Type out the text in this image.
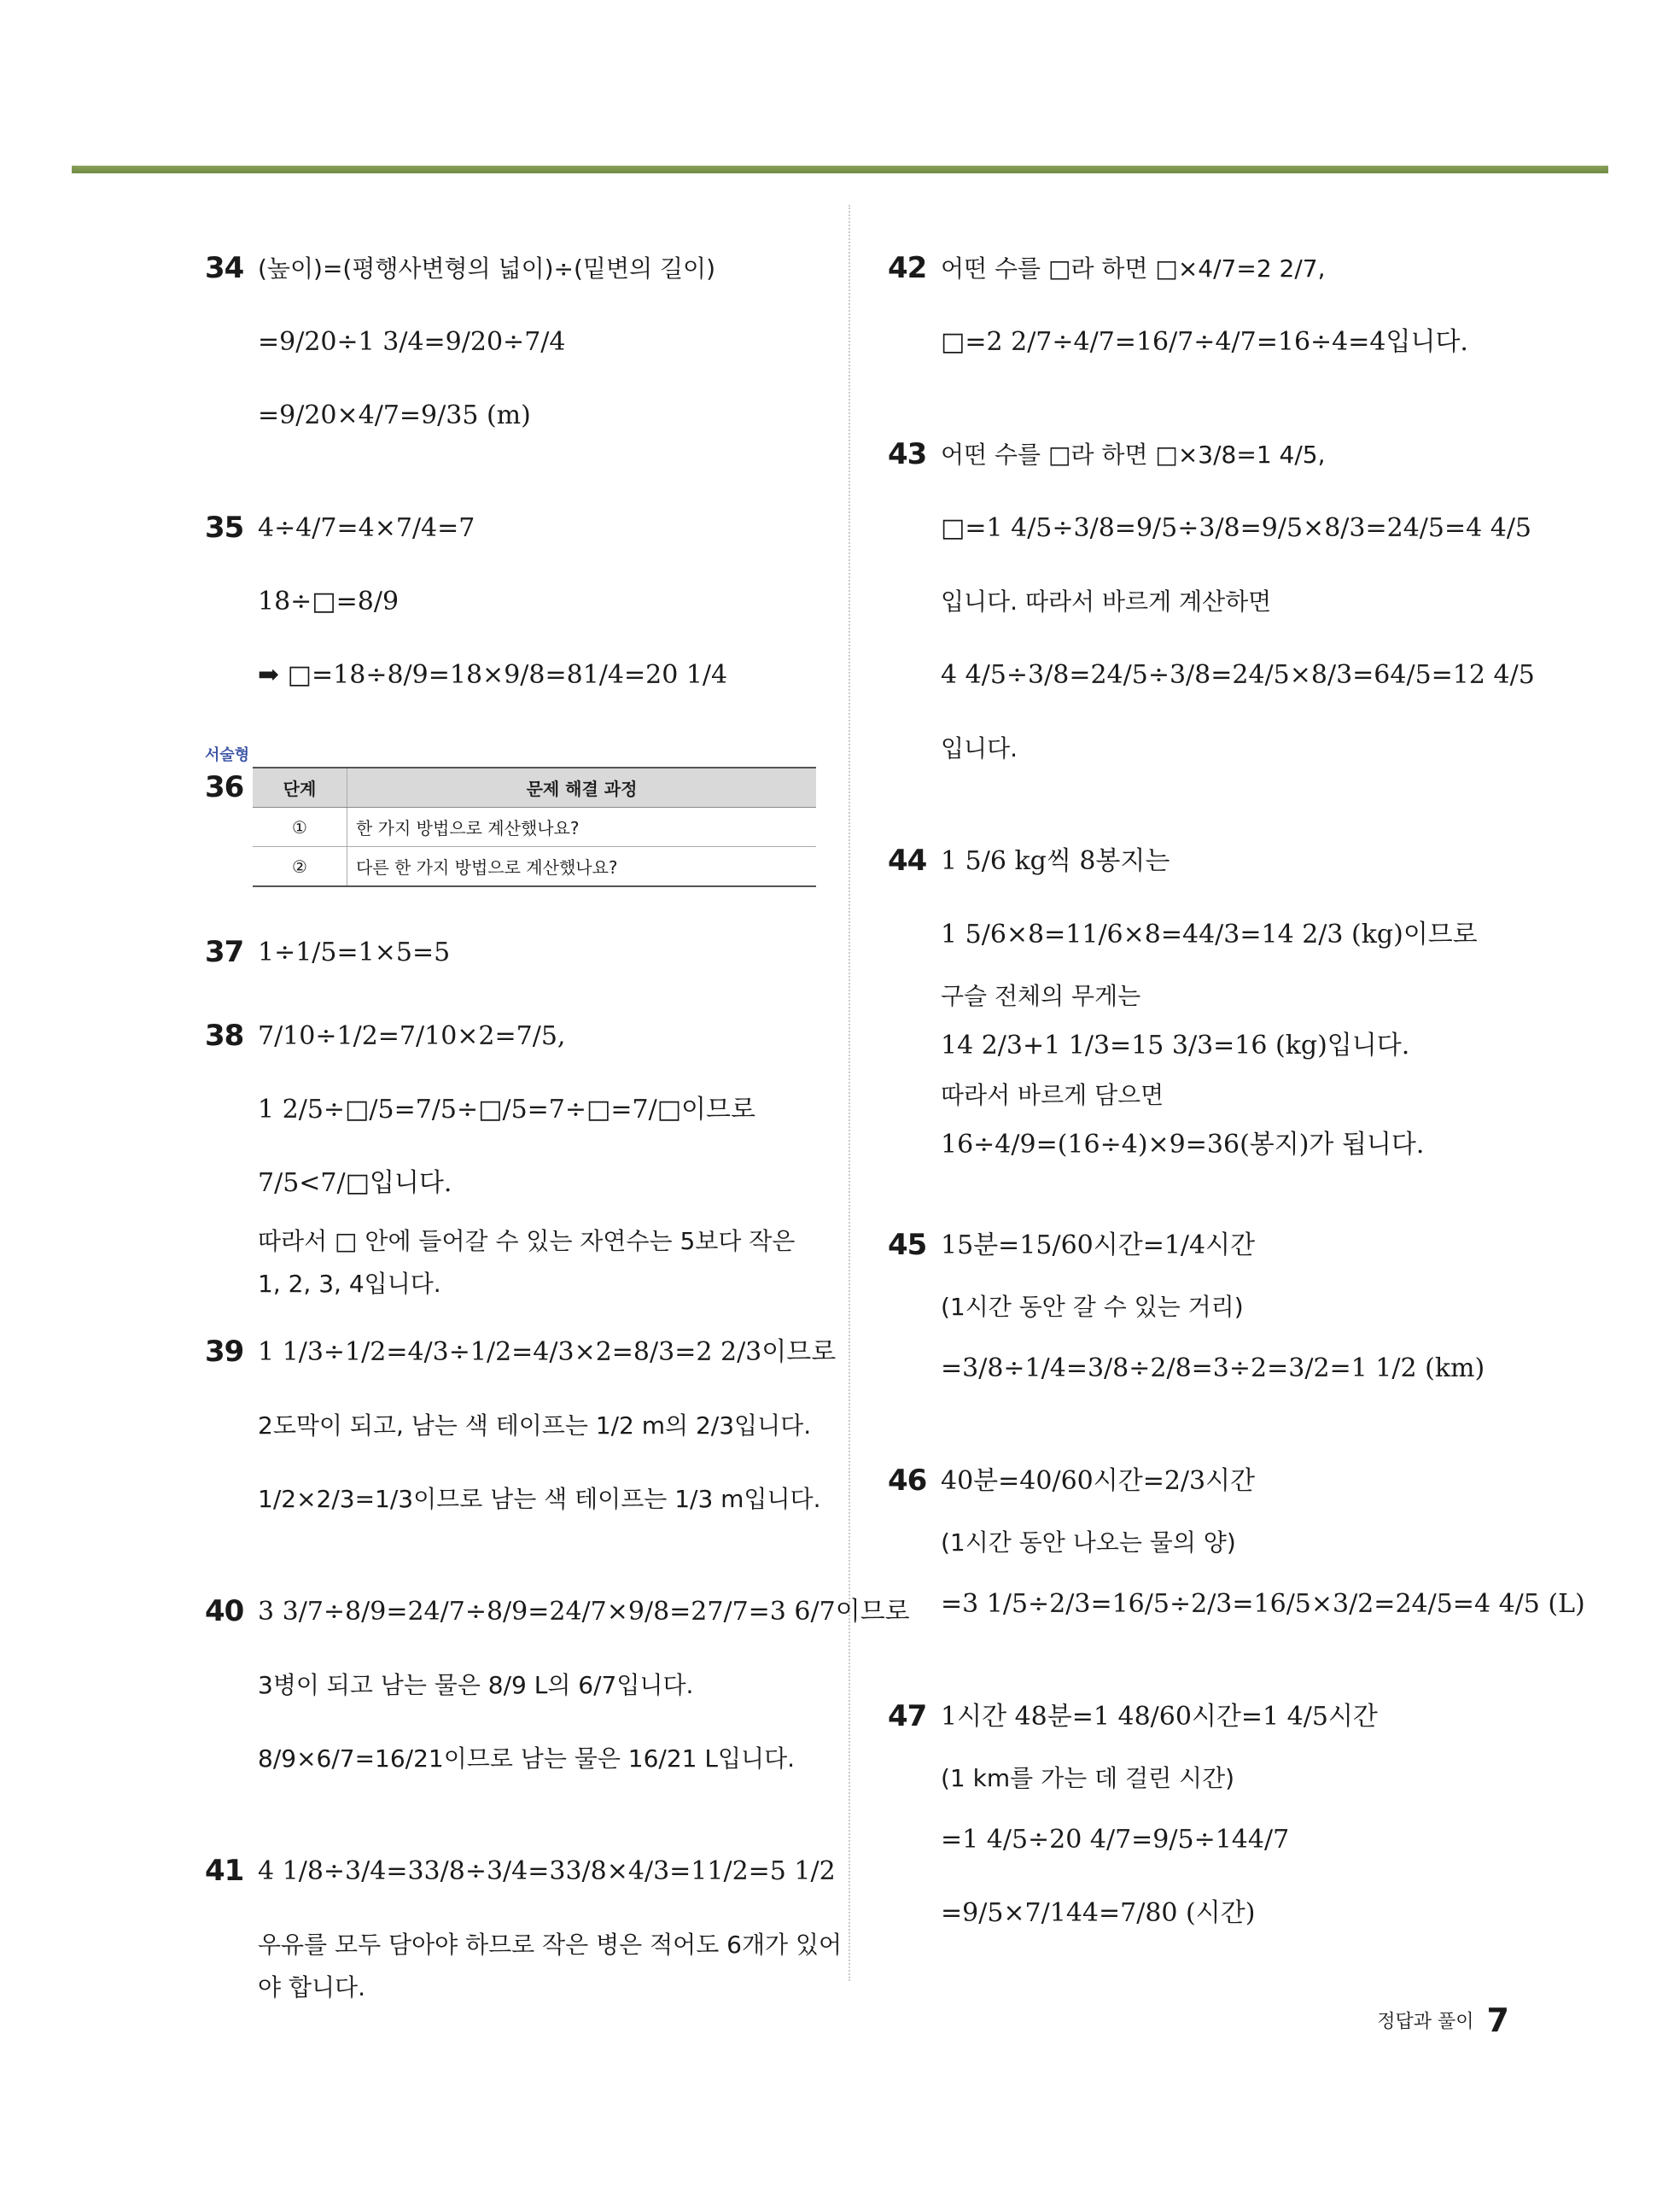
34 (높이)=(평행사변형의 넓이)÷(밑변의 길이)
=9/20÷1 3/4=9/20÷7/4
=9/20×4/7=9/35 (m)
35 4÷4/7=4×7/4=7
18÷□=8/9
➡ □=18÷8/9=18×9/8=81/4=20 1/4
서술형
36 단계	문제 해결 과정
①	한 가지 방법으로 계산했나요?
②	다른 한 가지 방법으로 계산했나요?
37 1÷1/5=1×5=5
38 7/10÷1/2=7/10×2=7/5,
1 2/5÷□/5=7/5÷□/5=7÷□=7/□이므로
7/5<7/□입니다.
따라서 □ 안에 들어갈 수 있는 자연수는 5보다 작은
1, 2, 3, 4입니다.
39 1 1/3÷1/2=4/3÷1/2=4/3×2=8/3=2 2/3이므로
2도막이 되고, 남는 색 테이프는 1/2 m의 2/3입니다.
1/2×2/3=1/3이므로 남는 색 테이프는 1/3 m입니다.
40 3 3/7÷8/9=24/7÷8/9=24/7×9/8=27/7=3 6/7이므로
3병이 되고 남는 물은 8/9 L의 6/7입니다.
8/9×6/7=16/21이므로 남는 물은 16/21 L입니다.
41 4 1/8÷3/4=33/8÷3/4=33/8×4/3=11/2=5 1/2
우유를 모두 담아야 하므로 작은 병은 적어도 6개가 있어
야 합니다.
42 어떤 수를 □라 하면 □×4/7=2 2/7,
□=2 2/7÷4/7=16/7÷4/7=16÷4=4입니다.
43 어떤 수를 □라 하면 □×3/8=1 4/5,
□=1 4/5÷3/8=9/5÷3/8=9/5×8/3=24/5=4 4/5
입니다. 따라서 바르게 계산하면
4 4/5÷3/8=24/5÷3/8=24/5×8/3=64/5=12 4/5
입니다.
44 1 5/6 kg씩 8봉지는
1 5/6×8=11/6×8=44/3=14 2/3 (kg)이므로
구슬 전체의 무게는
14 2/3+1 1/3=15 3/3=16 (kg)입니다.
따라서 바르게 담으면
16÷4/9=(16÷4)×9=36(봉지)가 됩니다.
45 15분=15/60시간=1/4시간
(1시간 동안 갈 수 있는 거리)
=3/8÷1/4=3/8÷2/8=3÷2=3/2=1 1/2 (km)
46 40분=40/60시간=2/3시간
(1시간 동안 나오는 물의 양)
=3 1/5÷2/3=16/5÷2/3=16/5×3/2=24/5=4 4/5 (L)
47 1시간 48분=1 48/60시간=1 4/5시간
(1 km를 가는 데 걸린 시간)
=1 4/5÷20 4/7=9/5÷144/7
=9/5×7/144=7/80 (시간)
정답과 풀이 7
